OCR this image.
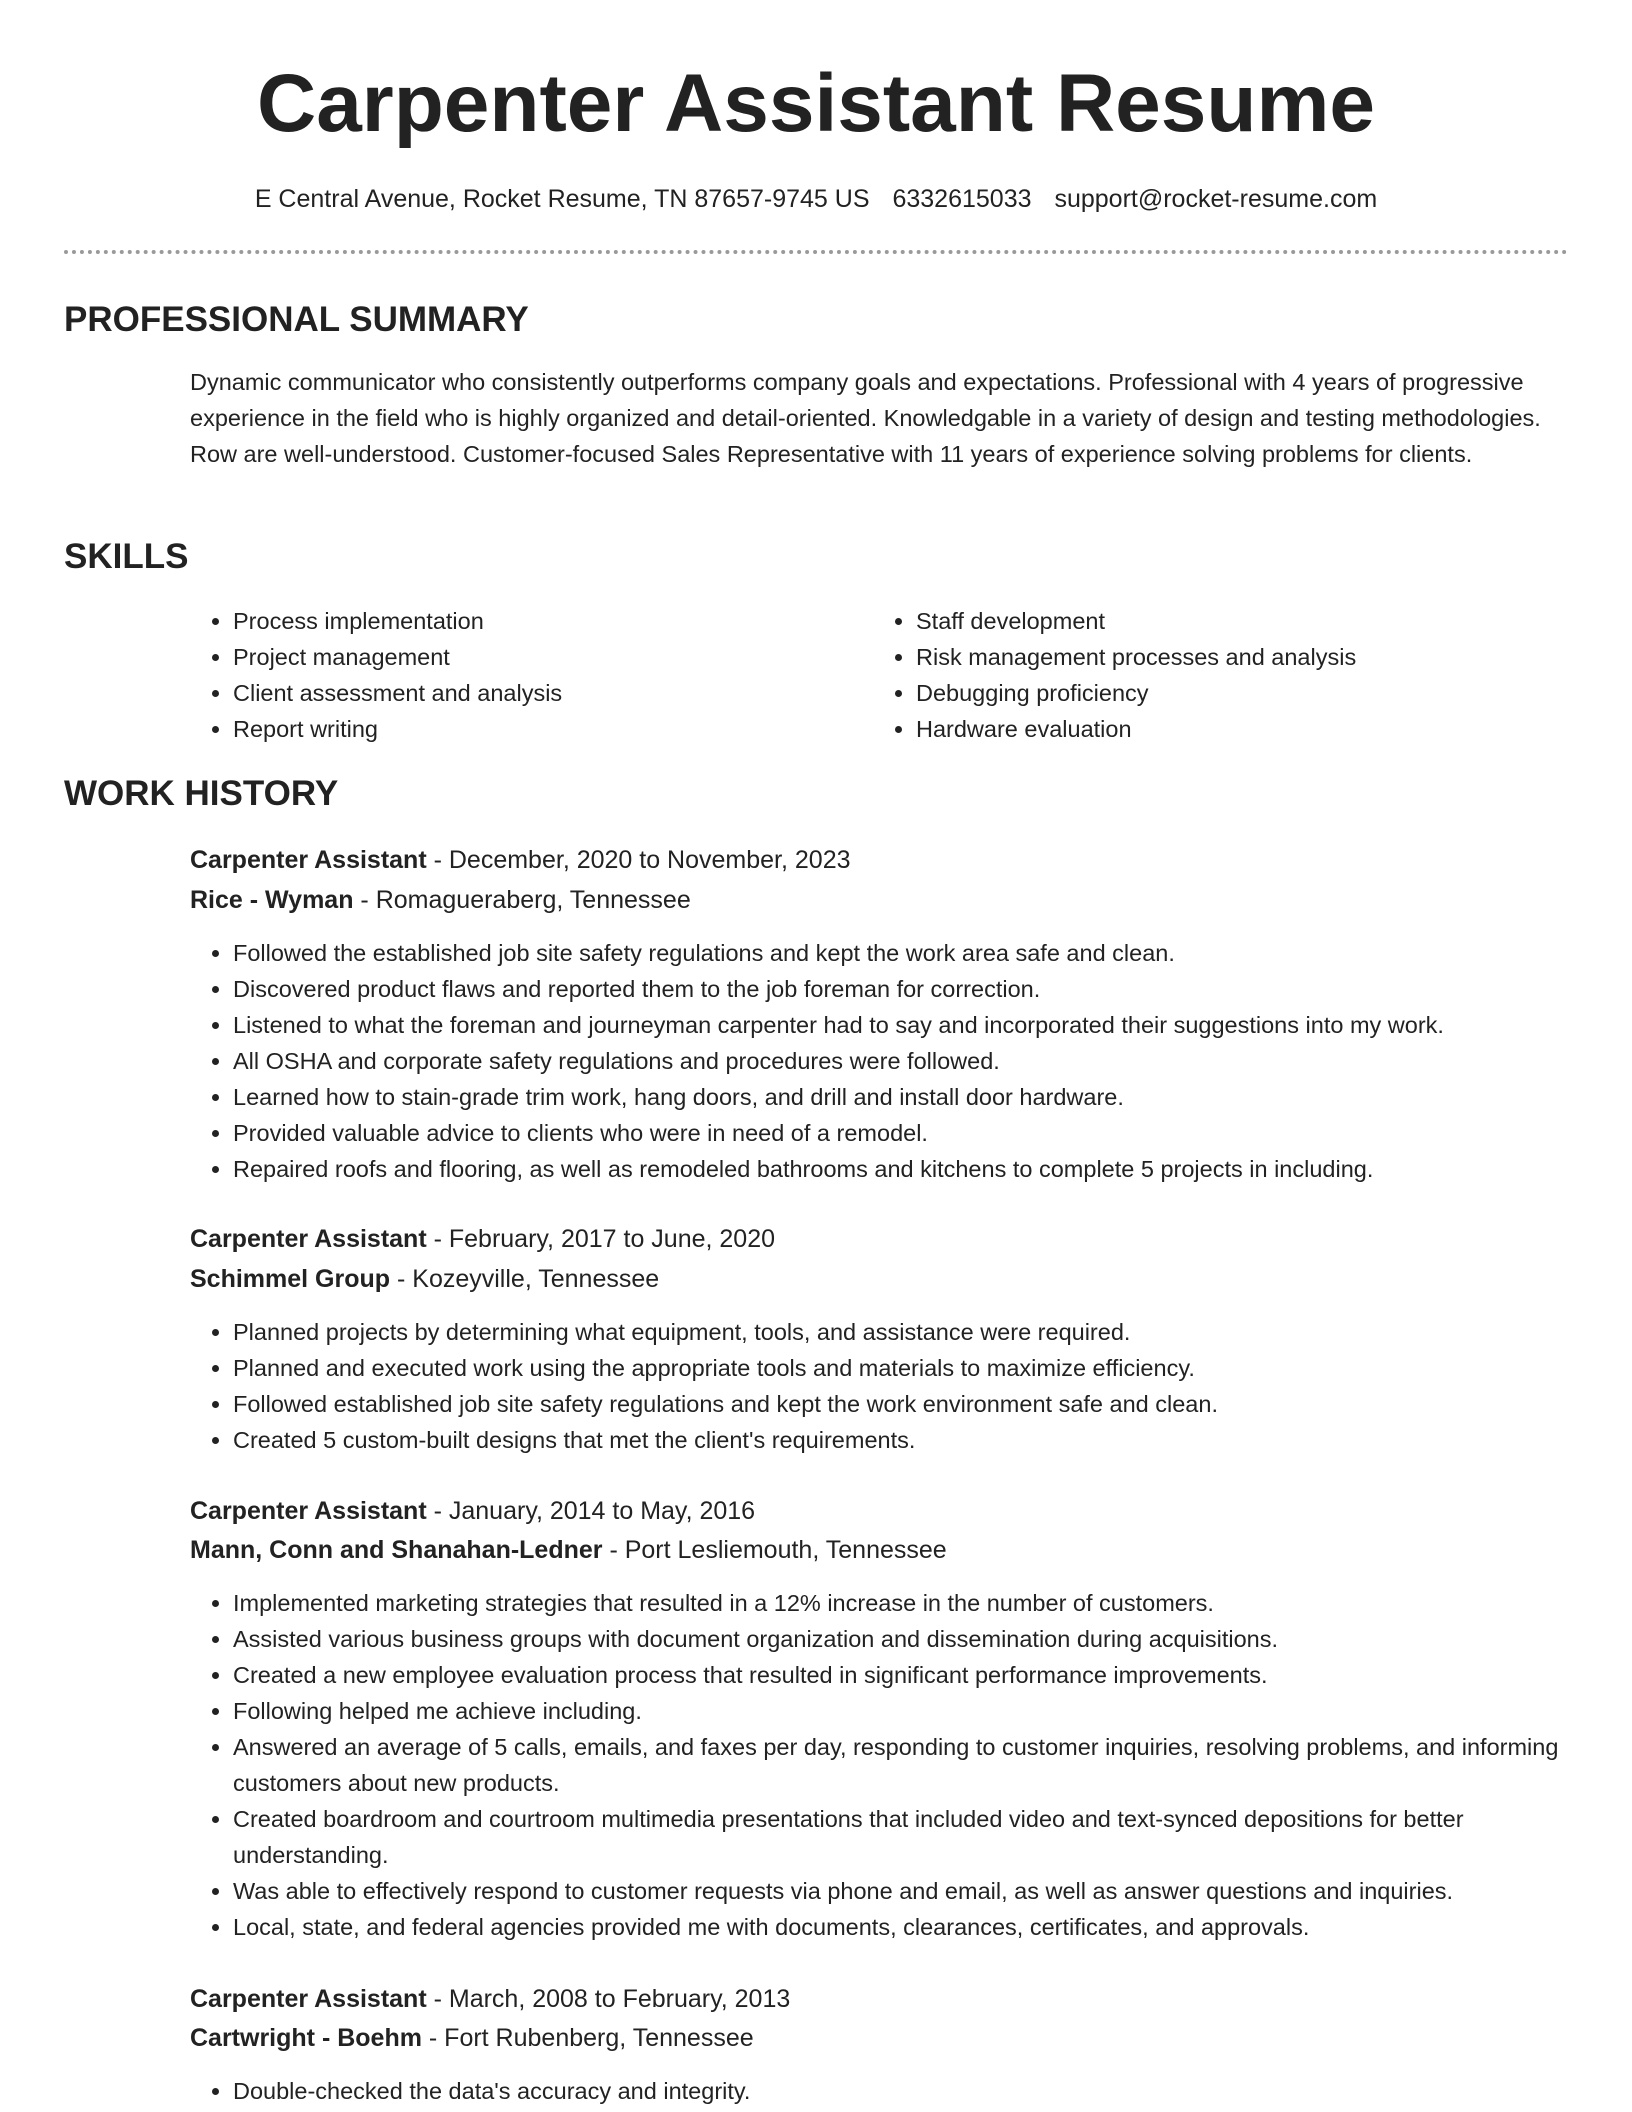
Carpenter Assistant Resume
E Central Avenue, Rocket Resume, TN 87657-9745 US 6332615033 support@rocket-resume.com
PROFESSIONAL SUMMARY
Dynamic communicator who consistently outperforms company goals and expectations. Professional with 4 years of progressive experience in the field who is highly organized and detail-oriented. Knowledgable in a variety of design and testing methodologies. Row are well-understood. Customer-focused Sales Representative with 11 years of experience solving problems for clients.
SKILLS
• Process implementation
• Project management
• Client assessment and analysis
• Report writing
• Staff development
• Risk management processes and analysis
• Debugging proficiency
• Hardware evaluation
WORK HISTORY
Carpenter Assistant - December, 2020 to November, 2023
Rice - Wyman - Romagueraberg, Tennessee
• Followed the established job site safety regulations and kept the work area safe and clean.
• Discovered product flaws and reported them to the job foreman for correction.
• Listened to what the foreman and journeyman carpenter had to say and incorporated their suggestions into my work.
• All OSHA and corporate safety regulations and procedures were followed.
• Learned how to stain-grade trim work, hang doors, and drill and install door hardware.
• Provided valuable advice to clients who were in need of a remodel.
• Repaired roofs and flooring, as well as remodeled bathrooms and kitchens to complete 5 projects in including.
Carpenter Assistant - February, 2017 to June, 2020
Schimmel Group - Kozeyville, Tennessee
• Planned projects by determining what equipment, tools, and assistance were required.
• Planned and executed work using the appropriate tools and materials to maximize efficiency.
• Followed established job site safety regulations and kept the work environment safe and clean.
• Created 5 custom-built designs that met the client's requirements.
Carpenter Assistant - January, 2014 to May, 2016
Mann, Conn and Shanahan-Ledner - Port Lesliemouth, Tennessee
• Implemented marketing strategies that resulted in a 12% increase in the number of customers.
• Assisted various business groups with document organization and dissemination during acquisitions.
• Created a new employee evaluation process that resulted in significant performance improvements.
• Following helped me achieve including.
• Answered an average of 5 calls, emails, and faxes per day, responding to customer inquiries, resolving problems, and informing customers about new products.
• Created boardroom and courtroom multimedia presentations that included video and text-synced depositions for better understanding.
• Was able to effectively respond to customer requests via phone and email, as well as answer questions and inquiries.
• Local, state, and federal agencies provided me with documents, clearances, certificates, and approvals.
Carpenter Assistant - March, 2008 to February, 2013
Cartwright - Boehm - Fort Rubenberg, Tennessee
• Double-checked the data's accuracy and integrity.
